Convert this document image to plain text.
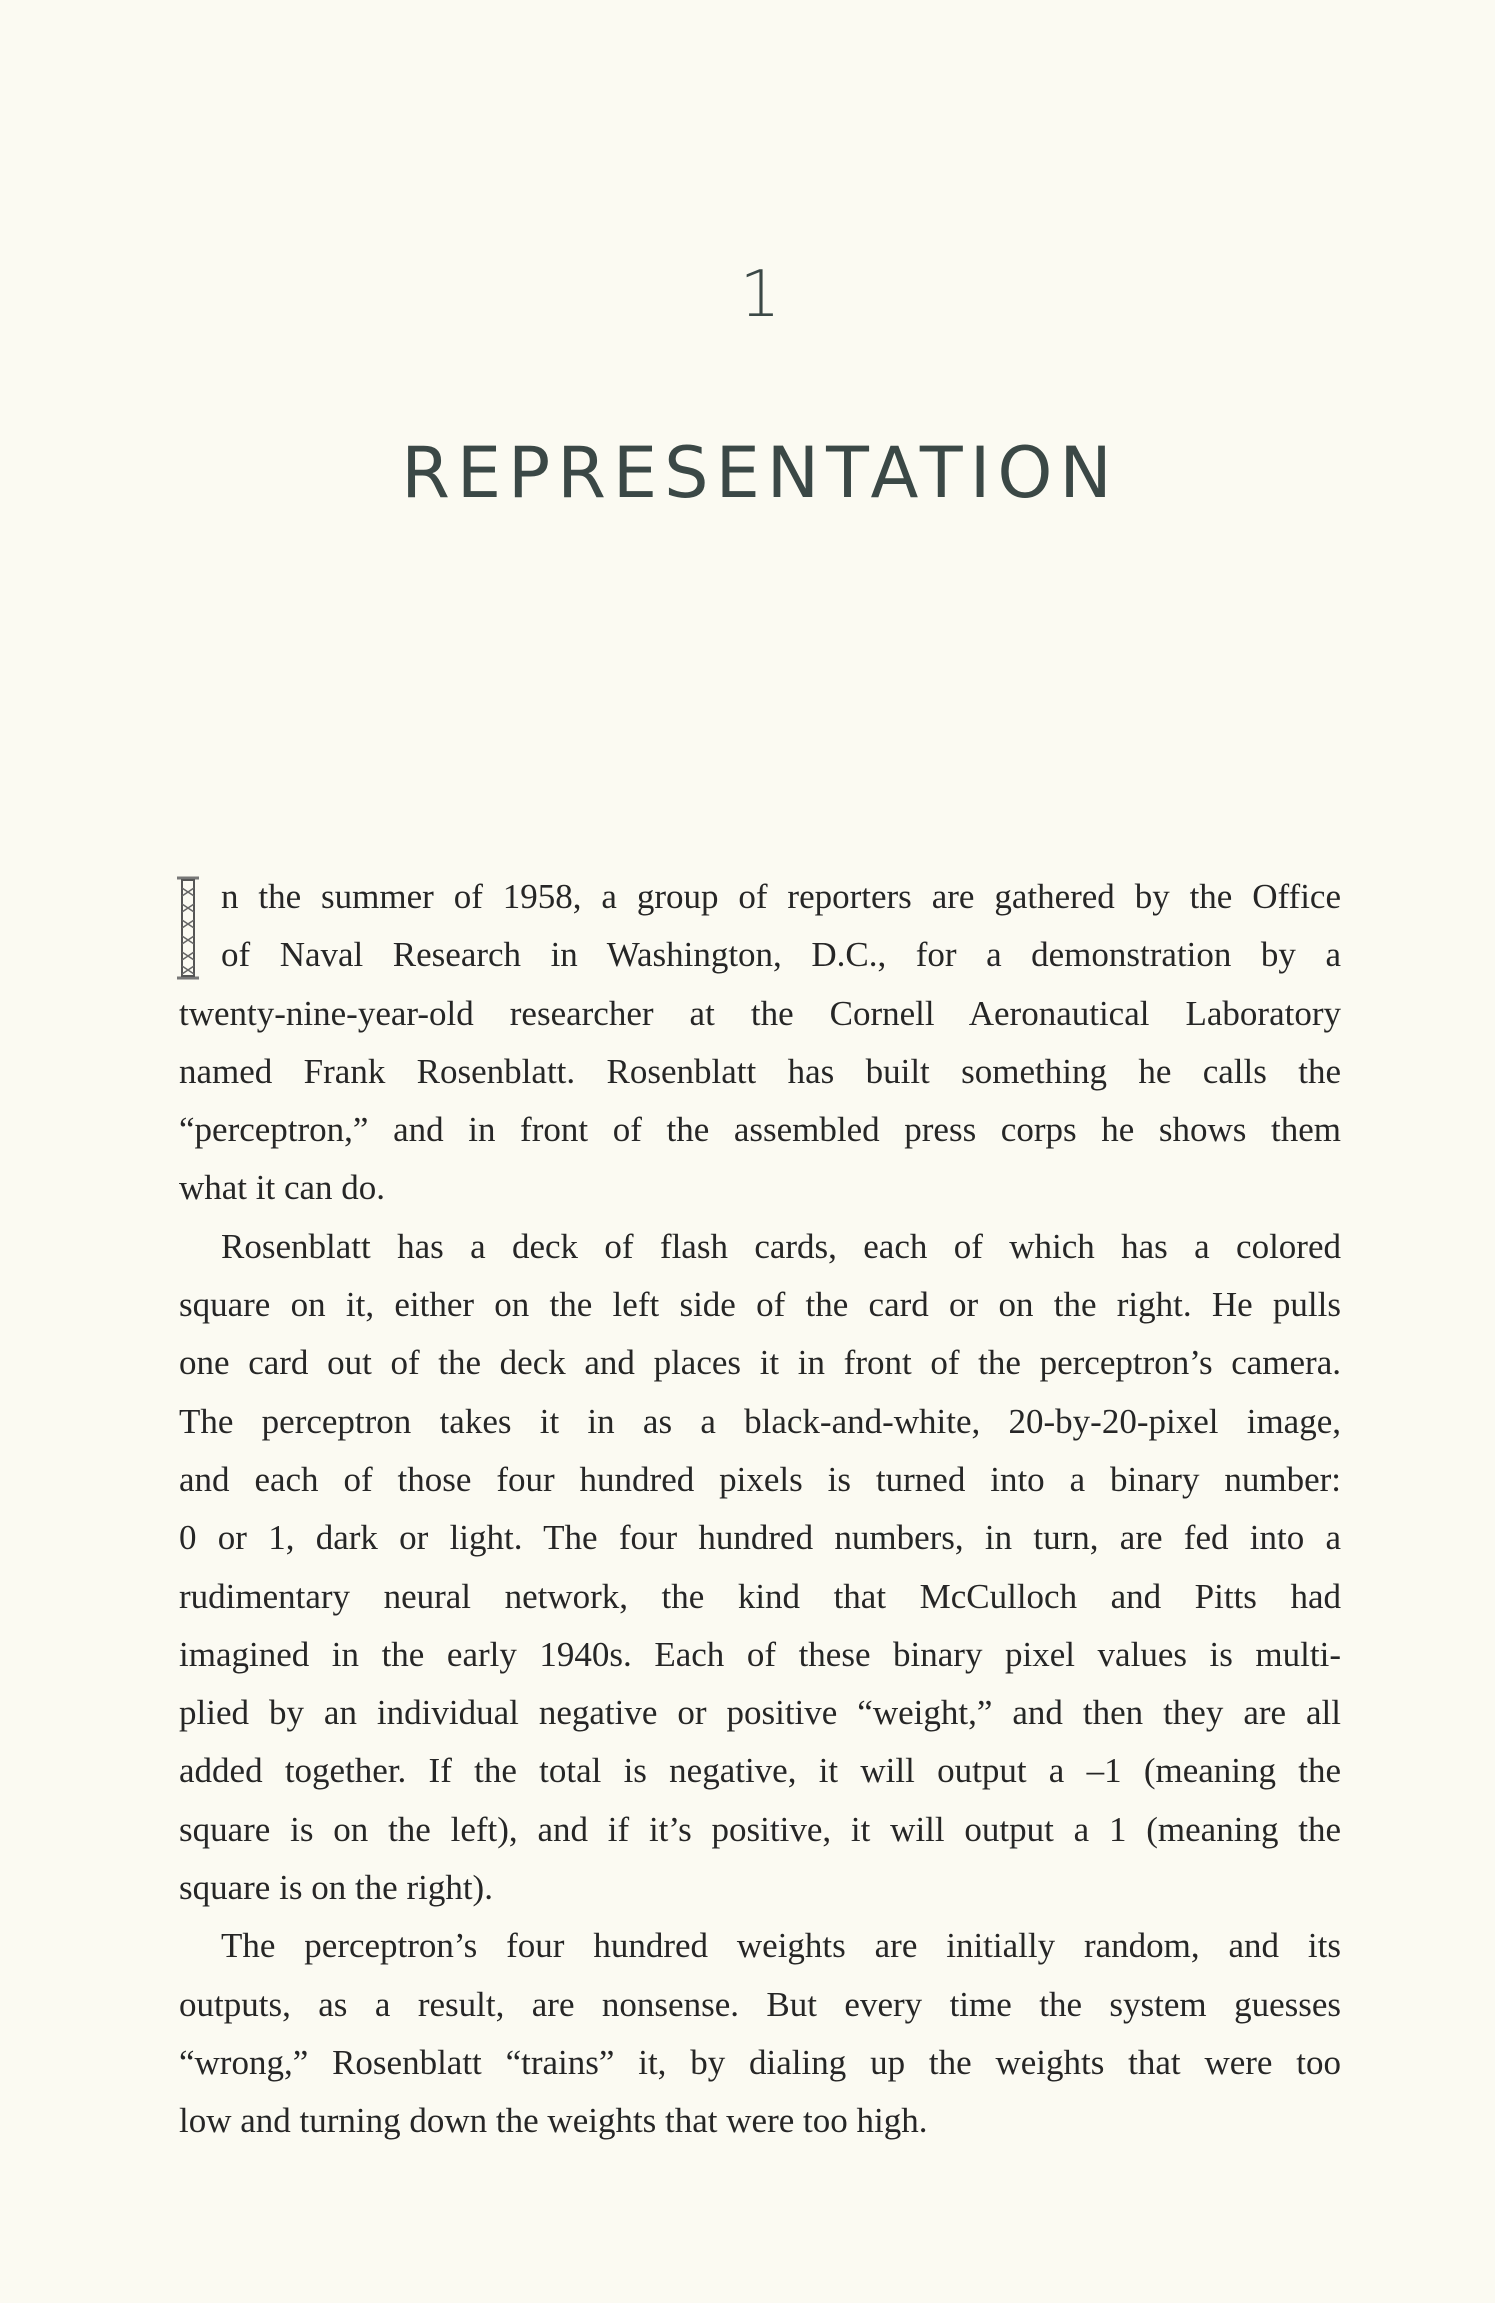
1
REPRESENTATION
n the summer of 1958, a group of reporters are gathered by the Office
of Naval Research in Washington, D.C., for a demonstration by a
twenty-nine-year-old researcher at the Cornell Aeronautical Laboratory
named Frank Rosenblatt. Rosenblatt has built something he calls the
“perceptron,” and in front of the assembled press corps he shows them
what it can do.
Rosenblatt has a deck of flash cards, each of which has a colored
square on it, either on the left side of the card or on the right. He pulls
one card out of the deck and places it in front of the perceptron’s camera.
The perceptron takes it in as a black-and-white, 20-by-20-pixel image,
and each of those four hundred pixels is turned into a binary number:
0 or 1, dark or light. The four hundred numbers, in turn, are fed into a
rudimentary neural network, the kind that McCulloch and Pitts had
imagined in the early 1940s. Each of these binary pixel values is multi-
plied by an individual negative or positive “weight,” and then they are all
added together. If the total is negative, it will output a –1 (meaning the
square is on the left), and if it’s positive, it will output a 1 (meaning the
square is on the right).
The perceptron’s four hundred weights are initially random, and its
outputs, as a result, are nonsense. But every time the system guesses
“wrong,” Rosenblatt “trains” it, by dialing up the weights that were too
low and turning down the weights that were too high.
